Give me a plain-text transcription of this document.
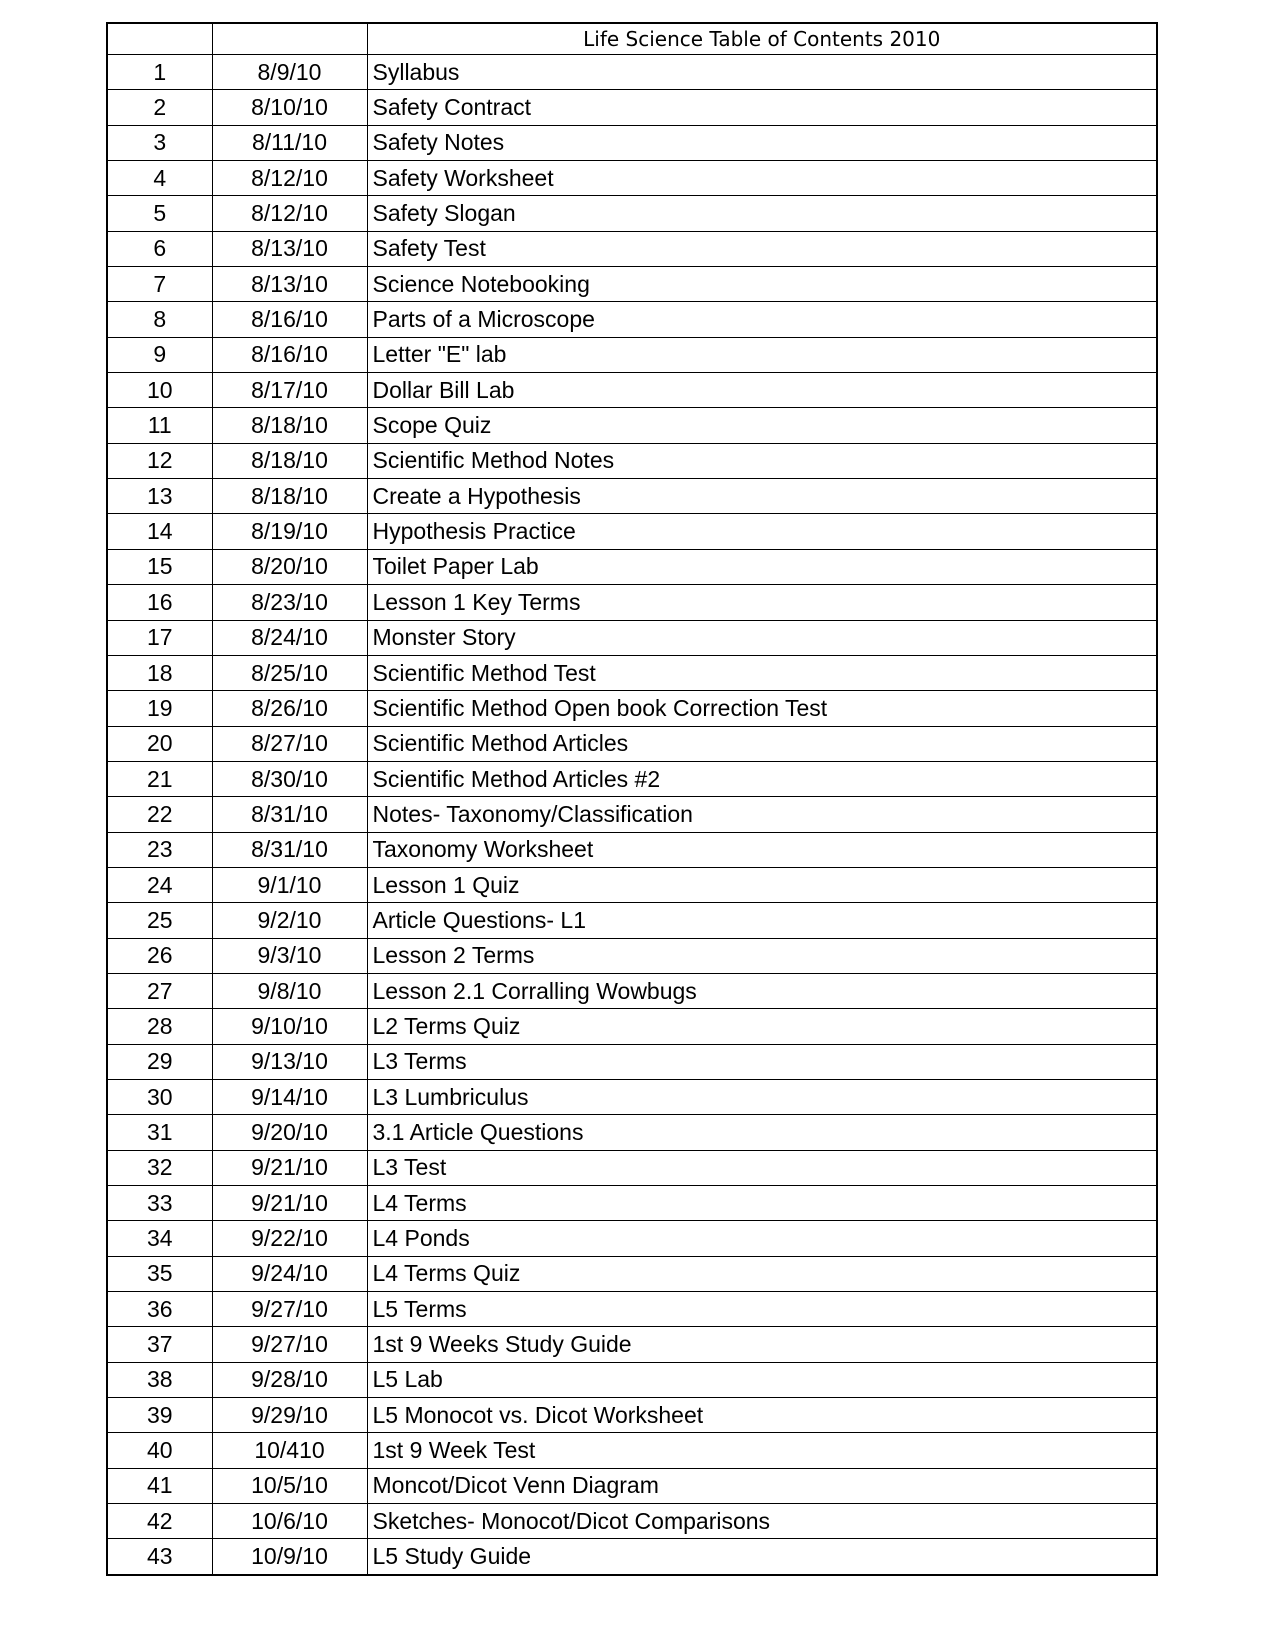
		Life Science Table of Contents 2010
1	8/9/10	Syllabus
2	8/10/10	Safety Contract
3	8/11/10	Safety Notes
4	8/12/10	Safety Worksheet
5	8/12/10	Safety Slogan
6	8/13/10	Safety Test
7	8/13/10	Science Notebooking
8	8/16/10	Parts of a Microscope
9	8/16/10	Letter "E" lab
10	8/17/10	Dollar Bill Lab
11	8/18/10	Scope Quiz
12	8/18/10	Scientific Method Notes
13	8/18/10	Create a Hypothesis
14	8/19/10	Hypothesis Practice
15	8/20/10	Toilet Paper Lab
16	8/23/10	Lesson 1 Key Terms
17	8/24/10	Monster Story
18	8/25/10	Scientific Method Test
19	8/26/10	Scientific Method Open book Correction Test
20	8/27/10	Scientific Method Articles
21	8/30/10	Scientific Method Articles #2
22	8/31/10	Notes- Taxonomy/Classification
23	8/31/10	Taxonomy Worksheet
24	9/1/10	Lesson 1 Quiz
25	9/2/10	Article Questions- L1
26	9/3/10	Lesson 2 Terms
27	9/8/10	Lesson 2.1 Corralling Wowbugs
28	9/10/10	L2 Terms Quiz
29	9/13/10	L3 Terms
30	9/14/10	L3 Lumbriculus
31	9/20/10	3.1 Article Questions
32	9/21/10	L3 Test
33	9/21/10	L4 Terms
34	9/22/10	L4 Ponds
35	9/24/10	L4 Terms Quiz
36	9/27/10	L5 Terms
37	9/27/10	1st 9 Weeks Study Guide
38	9/28/10	L5 Lab
39	9/29/10	L5 Monocot vs. Dicot Worksheet
40	10/410	1st 9 Week Test
41	10/5/10	Moncot/Dicot Venn Diagram
42	10/6/10	Sketches- Monocot/Dicot Comparisons
43	10/9/10	L5 Study Guide
